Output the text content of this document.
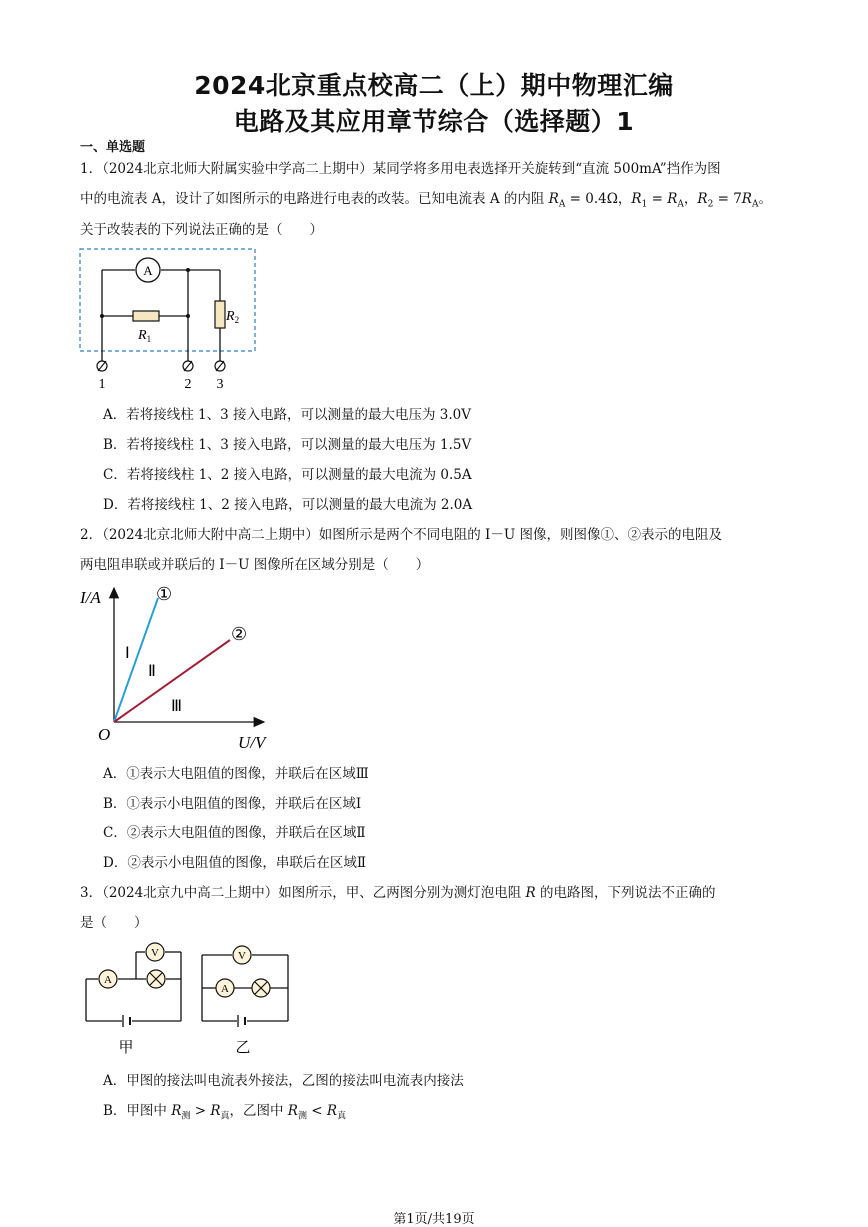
2024北京重点校高二（上）期中物理汇编
电路及其应用章节综合（选择题）1
一、单选题
1．（2024北京北师大附属实验中学高二上期中）某同学将多用电表选择开关旋转到“直流 500mA”挡作为图
中的电流表 A，设计了如图所示的电路进行电表的改装。已知电流表 A 的内阻 $R_A = 0.4\Omega$，$R_1 = R_A$，$R_2 = 7R_A$。
关于改装表的下列说法正确的是（　　）
A
$R_1$
$R_2$
1	2 3
A．若将接线柱 1、3 接入电路，可以测量的最大电压为 3.0V
B．若将接线柱 1、3 接入电路，可以测量的最大电压为 1.5V
C．若将接线柱 1、2 接入电路，可以测量的最大电流为 0.5A
D．若将接线柱 1、2 接入电路，可以测量的最大电流为 2.0A
2．（2024北京北师大附中高二上期中）如图所示是两个不同电阻的 I－U 图像，则图像①、②表示的电阻及
两电阻串联或并联后的 I－U 图像所在区域分别是（　　）
I/A
U/V
O
①
②
Ⅰ
Ⅱ
Ⅲ
A．①表示大电阻值的图像，并联后在区域Ⅲ
B．①表示小电阻值的图像，并联后在区域Ⅰ
C．②表示大电阻值的图像，并联后在区域Ⅱ
D．②表示小电阻值的图像，串联后在区域Ⅱ
3．（2024北京九中高二上期中）如图所示，甲、乙两图分别为测灯泡电阻 R 的电路图，下列说法不正确的
是（　　）
A
V
甲
V
A
乙
A．甲图的接法叫电流表外接法，乙图的接法叫电流表内接法
B．甲图中 $R_测 > R_真$，乙图中 $R_测 < R_真$
第1页/共19页
